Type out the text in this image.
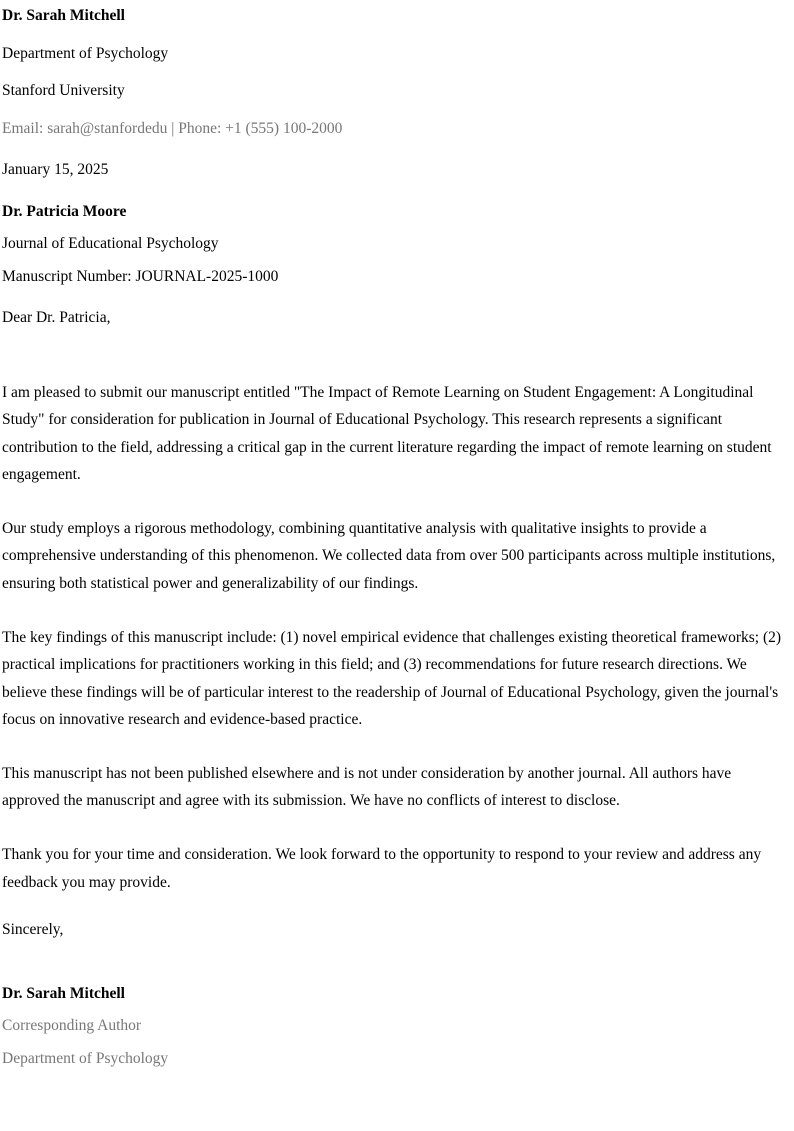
Dr. Sarah Mitchell
Department of Psychology
Stanford University
Email: sarah@stanfordedu | Phone: +1 (555) 100-2000
January 15, 2025
Dr. Patricia Moore
Journal of Educational Psychology
Manuscript Number: JOURNAL-2025-1000
Dear Dr. Patricia,
I am pleased to submit our manuscript entitled "The Impact of Remote Learning on Student Engagement: A Longitudinal Study" for consideration for publication in Journal of Educational Psychology. This research represents a significant contribution to the field, addressing a critical gap in the current literature regarding the impact of remote learning on student engagement.
Our study employs a rigorous methodology, combining quantitative analysis with qualitative insights to provide a comprehensive understanding of this phenomenon. We collected data from over 500 participants across multiple institutions, ensuring both statistical power and generalizability of our findings.
The key findings of this manuscript include: (1) novel empirical evidence that challenges existing theoretical frameworks; (2) practical implications for practitioners working in this field; and (3) recommendations for future research directions. We believe these findings will be of particular interest to the readership of Journal of Educational Psychology, given the journal's focus on innovative research and evidence-based practice.
This manuscript has not been published elsewhere and is not under consideration by another journal. All authors have approved the manuscript and agree with its submission. We have no conflicts of interest to disclose.
Thank you for your time and consideration. We look forward to the opportunity to respond to your review and address any feedback you may provide.
Sincerely,
Dr. Sarah Mitchell
Corresponding Author
Department of Psychology
